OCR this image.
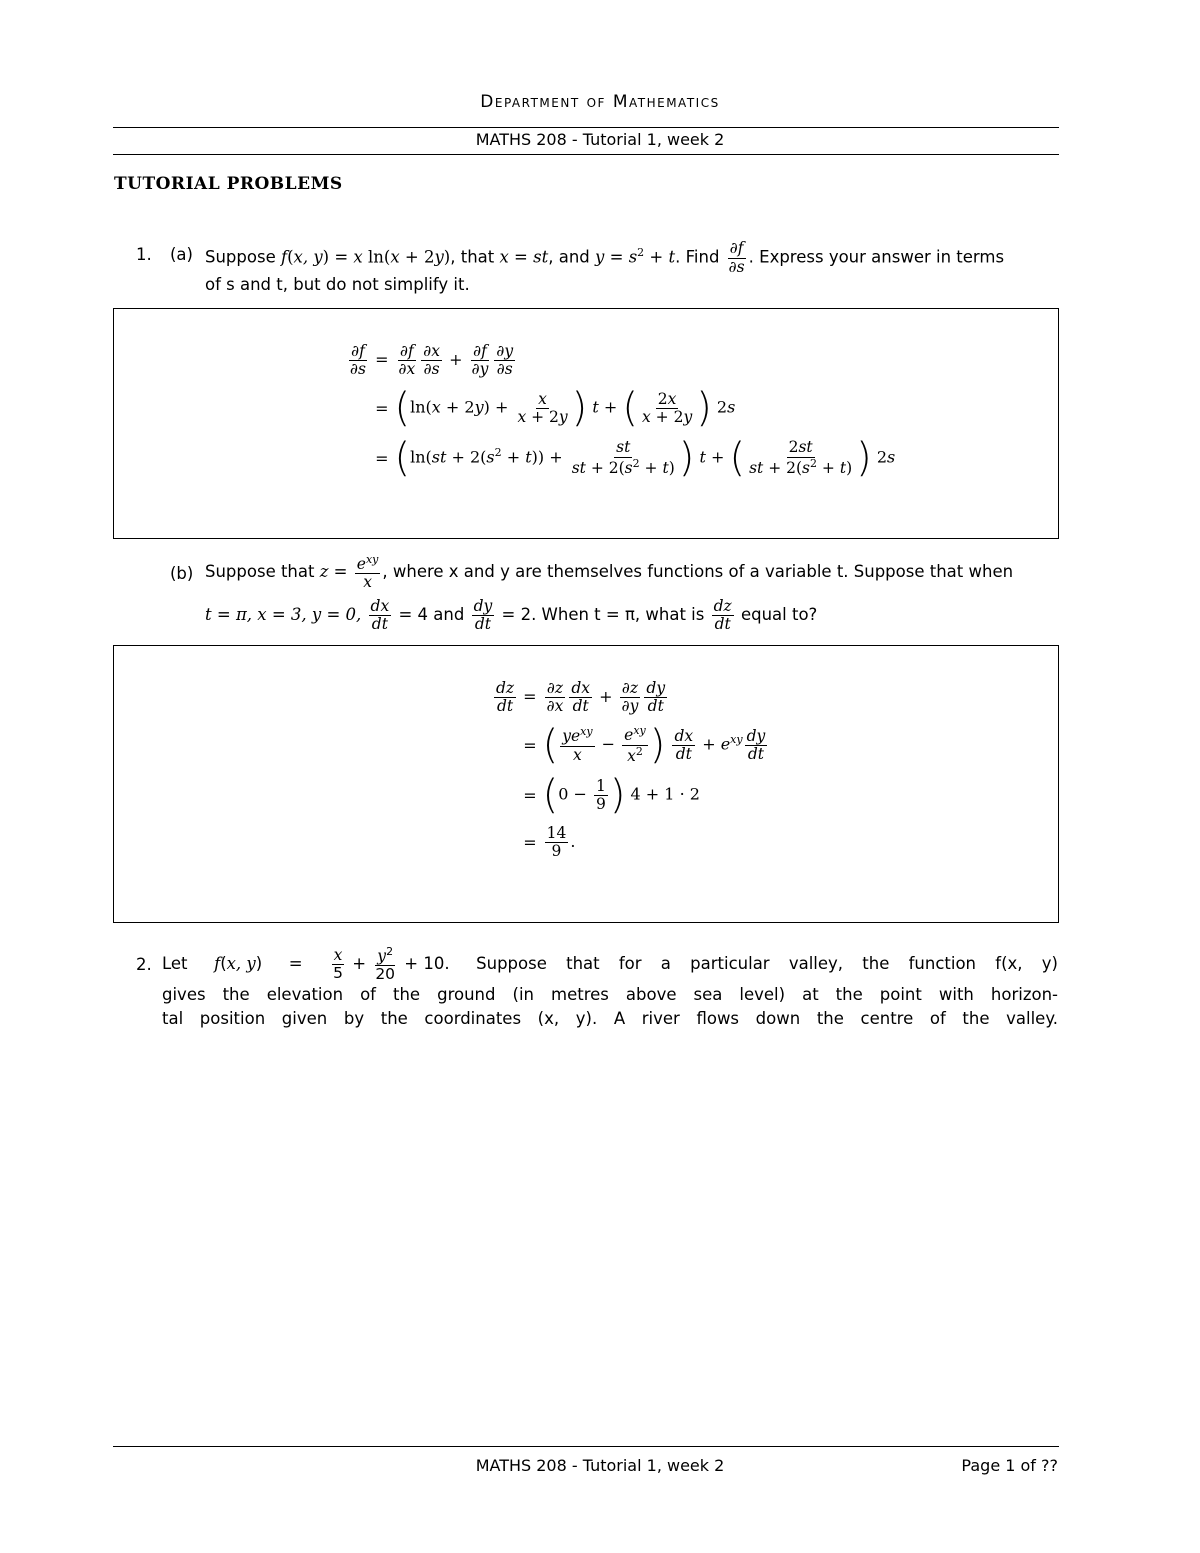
Department of Mathematics
MATHS 208 - Tutorial 1, week 2
TUTORIAL PROBLEMS
1. (a) Suppose f(x, y) = x ln(x + 2y), that x = st, and $y = s^2 + t$. Find $\frac{\partial f}{\partial s}$ . Express your answer in terms
of s and t, but do not simplify it.
$\frac{\partial f}{\partial s} = \frac{\partial f}{\partial x} \frac{\partial x}{\partial s} + \frac{\partial f}{\partial y} \frac{\partial y}{\partial s}$
= ($\ln(x + 2y) + \frac{x}{x + 2y}$ ) t + ( $\frac{2x}{x + 2y}$ ) 2s
= ($\ln(st + 2(s^2 + t)) + \frac{st}{st + 2(s^2 + t)}$ ) t + ( $\frac{2st}{st + 2(s^2 + t)}$ ) 2s
(b) Suppose that $z = \frac{e^{xy}}{x}$ , where x and y are themselves functions of a variable t. Suppose that when
t = π, x = 3, y = 0, $\frac{dx}{dt} = 4$ and $\frac{dy}{dt} = 2$. When t = π, what is $\frac{dz}{dt}$ equal to?
$\frac{dz}{dt} = \frac{\partial z}{\partial x} \frac{dx}{dt} + \frac{\partial z}{\partial y} \frac{dy}{dt}$
= ( $\frac{ye^{xy}}{x} - \frac{e^{xy}}{x^2}$ ) $\frac{dx}{dt} + e^{xy} \frac{dy}{dt}$
= ($0 - \frac{1}{9}$ ) 4 + 1 · 2
= $\frac{14}{9}$ .
2. Let f(x, $y) = \frac{x}{5} + \frac{y^2}{20} + 10$. Suppose that for a particular valley, the function f(x, y)
gives the elevation of the ground (in metres above sea level) at the point with horizon-
tal position given by the coordinates (x, y). A river flows down the centre of the valley.
MATHS 208 - Tutorial 1, week 2	Page 1 of ??
